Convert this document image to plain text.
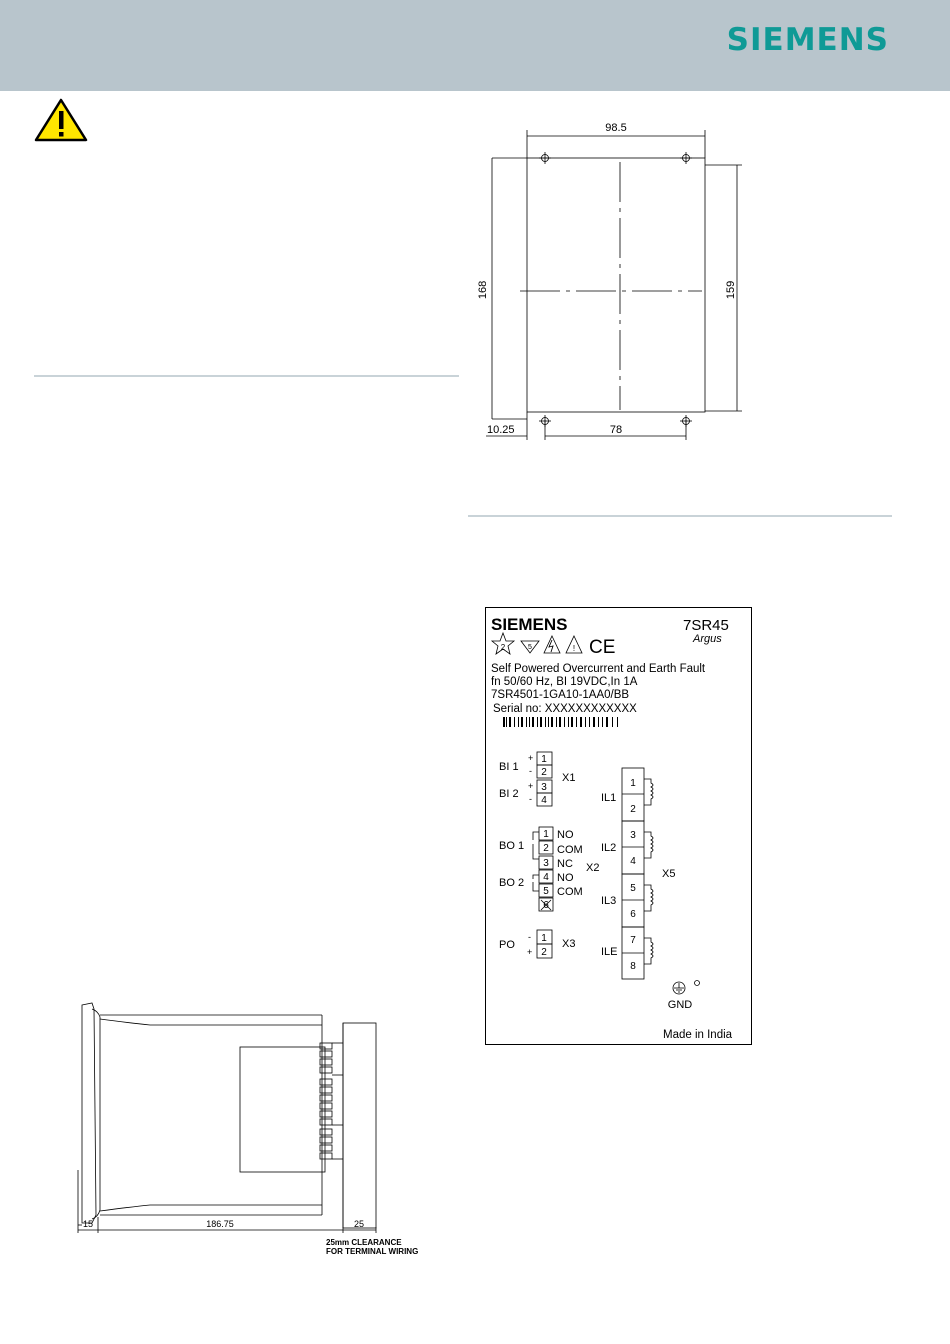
SIEMENS
98.5
168	159
78
10.25
15	186.75	25
25mm CLEARANCE
FOR TERMINAL WIRING
SIEMENS	7SR45
Argus
2	5	! CE
Self Powered Overcurrent and Earth Fault
fn 50/60 Hz, BI 19VDC,In 1A
7SR4501-1GA10-1AA0/BB
Serial no: XXXXXXXXXXXX
1
2
3
4
+
-
+
-
BI 1
BI 2
X1
1
2
3
4
5
6
NO
COM
NC
NO
COM
BO 1
BO 2
X2
1
2
-
+
PO	X3
1
2
3
4
5
6
7
8
IL1
IL2
IL3
ILE
X5
GND
Made in India
